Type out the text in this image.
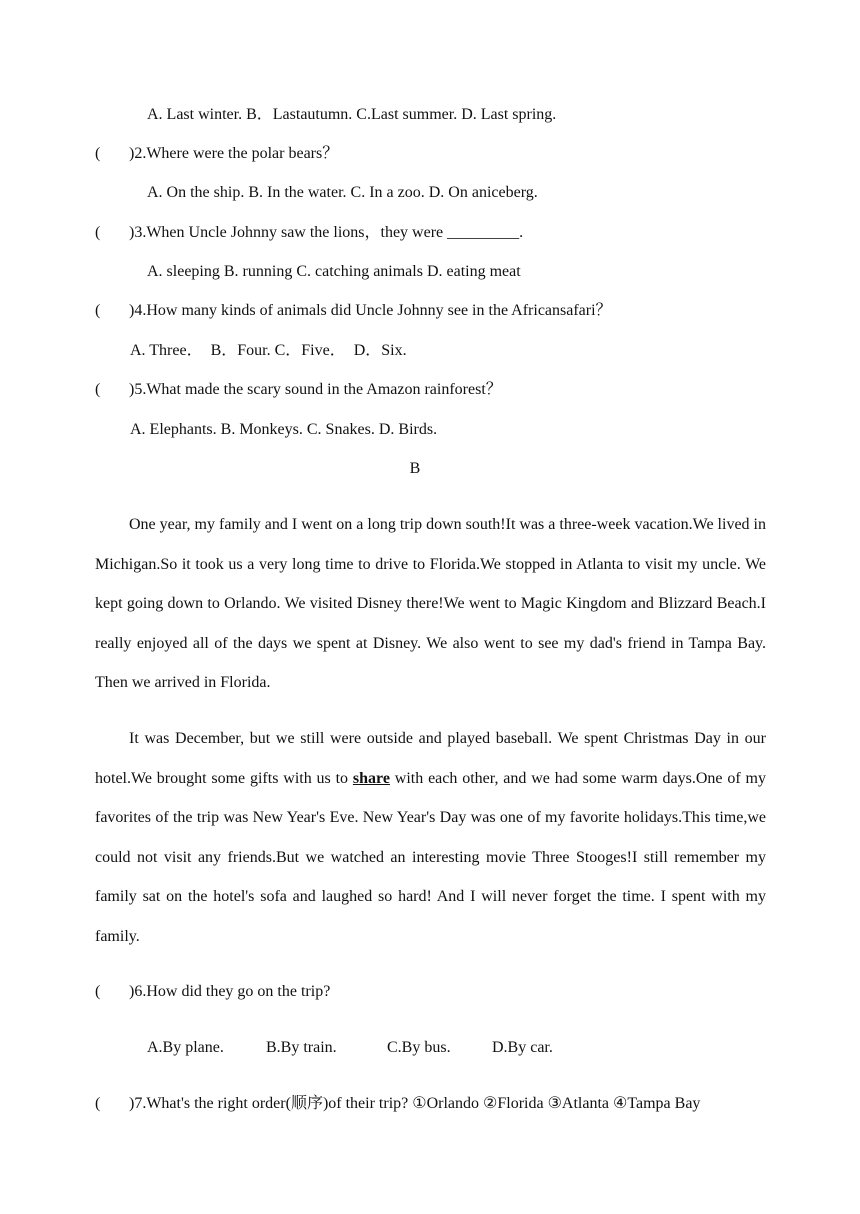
A. Last winter. B．Lastautumn. C.Last summer. D. Last spring.
( )2.Where were the polar bears？
A. On the ship. B. In the water. C. In a zoo. D. On aniceberg.
( )3.When Uncle Johnny saw the lions，they were _________.
A. sleeping B. running C. catching animals D. eating meat
( )4.How many kinds of animals did Uncle Johnny see in the Africansafari？
A. Three．  B．Four. C．Five．  D．Six.
( )5.What made the scary sound in the Amazon rainforest？
A. Elephants. B. Monkeys. C. Snakes. D. Birds.
B
One year, my family and I went on a long trip down south!It was a three-week vacation.We lived in Michigan.So it took us a very long time to drive to Florida.We stopped in Atlanta to visit my uncle. We kept going down to Orlando. We visited Disney there!We went to Magic Kingdom and Blizzard Beach.I really enjoyed all of the days we spent at Disney. We also went to see my dad's friend in Tampa Bay. Then we arrived in Florida.
It was December, but we still were outside and played baseball. We spent Christmas Day in our hotel.We brought some gifts with us to share with each other, and we had some warm days.One of my favorites of the trip was New Year's Eve. New Year's Day was one of my favorite holidays.This time,we could not visit any friends.But we watched an interesting movie Three Stooges!I still remember my family sat on the hotel's sofa and laughed so hard! And I will never forget the time. I spent with my family.
( )6.How did they go on the trip?
A.By plane.	B.By train.	C.By bus.	D.By car.
( )7.What's the right order(顺序)of their trip? ①Orlando ②Florida ③Atlanta ④Tampa Bay
